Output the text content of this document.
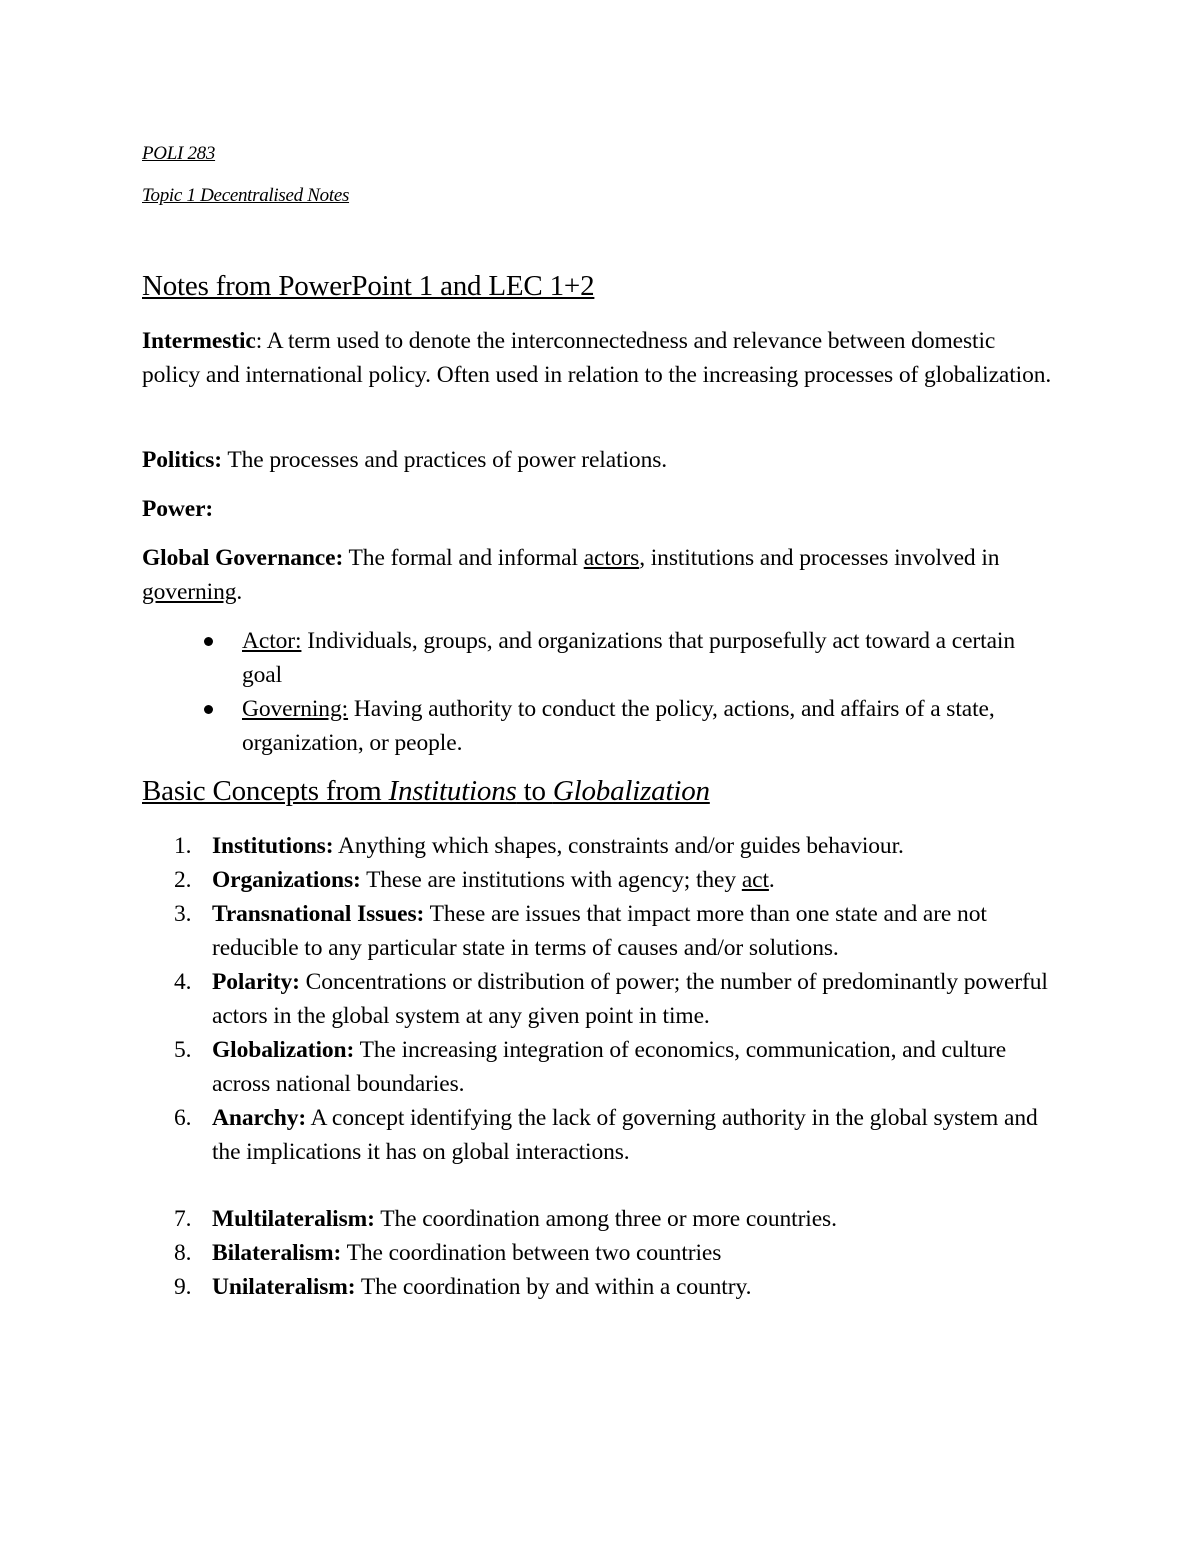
POLI 283
Topic 1 Decentralised Notes
Notes from PowerPoint 1 and LEC 1+2
Intermestic: A term used to denote the interconnectedness and relevance between domestic policy and international policy. Often used in relation to the increasing processes of globalization.
Politics: The processes and practices of power relations.
Power:
Global Governance: The formal and informal actors, institutions and processes involved in governing.
Actor: Individuals, groups, and organizations that purposefully act toward a certain goal
Governing: Having authority to conduct the policy, actions, and affairs of a state, organization, or people.
Basic Concepts from Institutions to Globalization
1. Institutions: Anything which shapes, constraints and/or guides behaviour.
2. Organizations: These are institutions with agency; they act.
3. Transnational Issues: These are issues that impact more than one state and are not reducible to any particular state in terms of causes and/or solutions.
4. Polarity: Concentrations or distribution of power; the number of predominantly powerful actors in the global system at any given point in time.
5. Globalization: The increasing integration of economics, communication, and culture across national boundaries.
6. Anarchy: A concept identifying the lack of governing authority in the global system and the implications it has on global interactions.
7. Multilateralism: The coordination among three or more countries.
8. Bilateralism: The coordination between two countries
9. Unilateralism: The coordination by and within a country.
